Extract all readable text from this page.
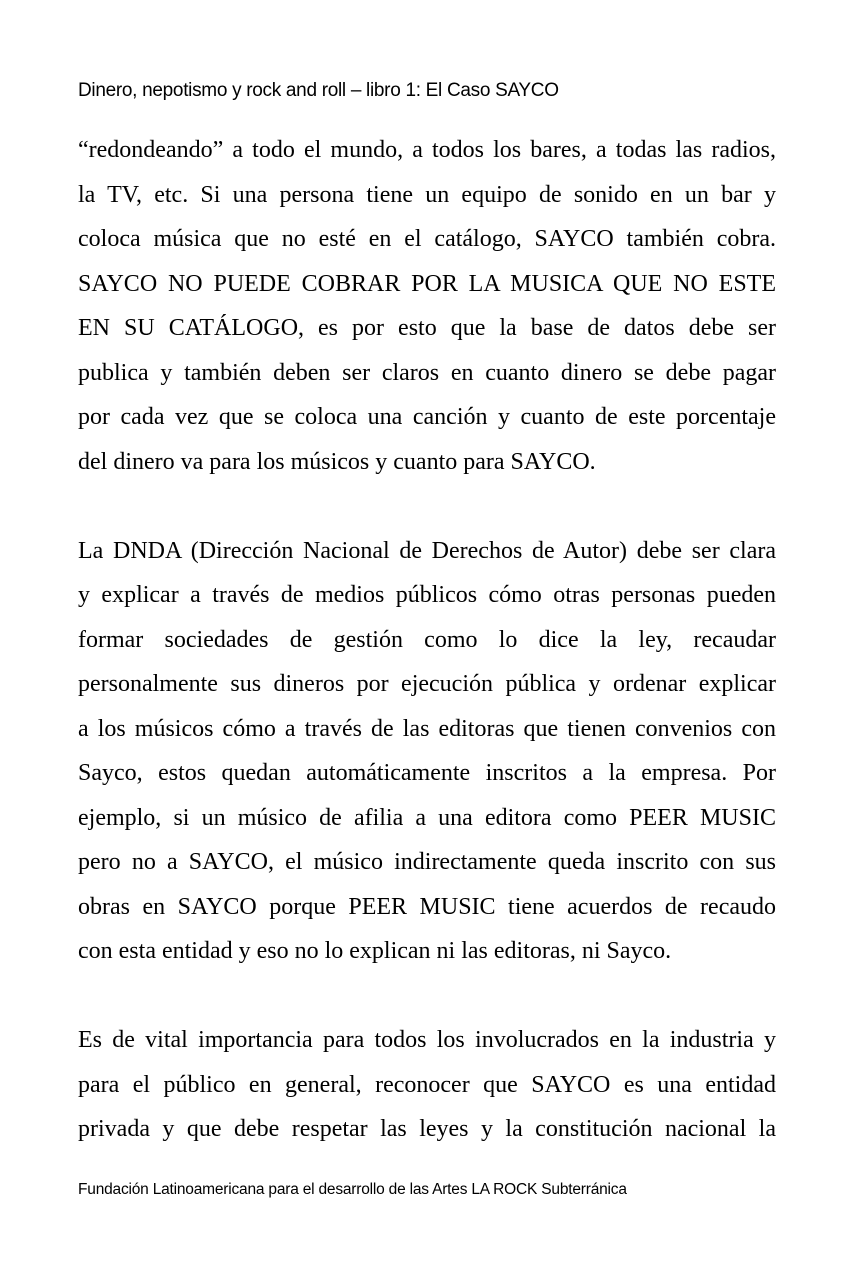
Dinero, nepotismo y rock and roll – libro 1: El Caso SAYCO
“redondeando” a todo el mundo, a todos los bares, a todas las radios,
la TV, etc. Si una persona tiene un equipo de sonido en un bar y
coloca música que no esté en el catálogo, SAYCO también cobra.
SAYCO NO PUEDE COBRAR POR LA MUSICA QUE NO ESTE
EN SU CATÁLOGO, es por esto que la base de datos debe ser
publica y también deben ser claros en cuanto dinero se debe pagar
por cada vez que se coloca una canción y cuanto de este porcentaje
del dinero va para los músicos y cuanto para SAYCO.
La DNDA (Dirección Nacional de Derechos de Autor) debe ser clara
y explicar a través de medios públicos cómo otras personas pueden
formar sociedades de gestión como lo dice la ley, recaudar
personalmente sus dineros por ejecución pública y ordenar explicar
a los músicos cómo a través de las editoras que tienen convenios con
Sayco, estos quedan automáticamente inscritos a la empresa. Por
ejemplo, si un músico de afilia a una editora como PEER MUSIC
pero no a SAYCO, el músico indirectamente queda inscrito con sus
obras en SAYCO porque PEER MUSIC tiene acuerdos de recaudo
con esta entidad y eso no lo explican ni las editoras, ni Sayco.
Es de vital importancia para todos los involucrados en la industria y
para el público en general, reconocer que SAYCO es una entidad
privada y que debe respetar las leyes y la constitución nacional la
Fundación Latinoamericana para el desarrollo de las Artes LA ROCK Subterránica
